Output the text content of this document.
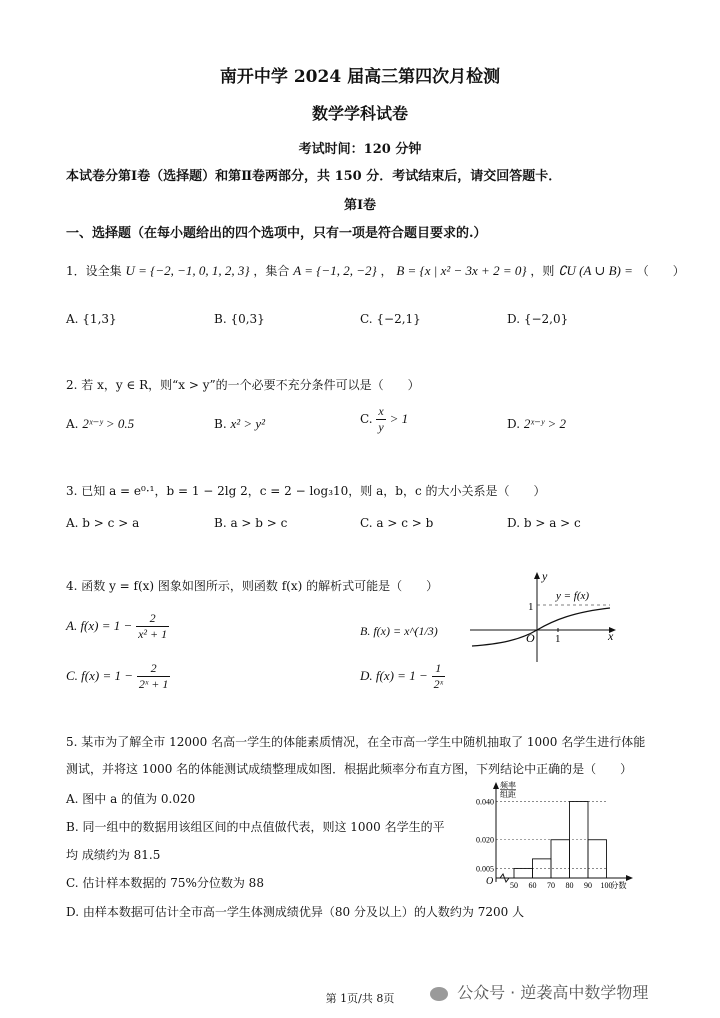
南开中学 2024 届高三第四次月检测
数学学科试卷
考试时间：120 分钟
本试卷分第Ⅰ卷（选择题）和第Ⅱ卷两部分，共 150 分．考试结束后，请交回答题卡．
第Ⅰ卷
一、选择题（在每小题给出的四个选项中，只有一项是符合题目要求的.）
1．设全集 U = {−2, −1, 0, 1, 2, 3} ，集合 A = {−1, 2, −2} ， B = {x | x² − 3x + 2 = 0} ，则 ∁U (A ∪ B) = （　　）
A. {1,3}	B. {0,3}	C. {−2,1}	D. {−2,0}
2. 若 x，y ∈ R，则“x > y”的一个必要不充分条件可以是（　　）
A. 2ˣ⁻ʸ > 0.5	B. x² > y²	C. $\frac{x}{y} > 1$	D. 2ˣ⁻ʸ > 2
3. 已知 a = e⁰·¹，b = 1 − 2lg 2，c = 2 − log₃10，则 a，b，c 的大小关系是（　　）
A. b > c > a	B. a > b > c	C. a > c > b	D. b > a > c
4. 函数 y = f(x) 图象如图所示，则函数 f(x) 的解析式可能是（　　）
A. $f(x) = 1 - \frac{2}{\text{x² + 1}}$	B. f(x) = x^(1/3)
C. $f(x) = 1 - \frac{2}{\text{2ˣ + 1}}$	D. $f(x) = 1 - \frac{1}{\text{2ˣ}}$
O
1
1	x
y
y = f(x)
5. 某市为了解全市 12000 名高一学生的体能素质情况，在全市高一学生中随机抽取了 1000 名学生进行体能
测试，并将这 1000 名的体能测试成绩整理成如图．根据此频率分布直方图，下列结论中正确的是（　　）
A. 图中 a 的值为 0.020
B. 同一组中的数据用该组区间的中点值做代表，则这 1000 名学生的平
均 成绩约为 81.5
C. 估计样本数据的 75%分位数为 88
D. 由样本数据可估计全市高一学生体测成绩优异（80 分及以上）的人数约为 7200 人
频率
O	分数
组距
0.005
0.020
0.040
50 60 70 80 90 100
第 1页/共 8页	公众号 · 逆袭高中数学物理
